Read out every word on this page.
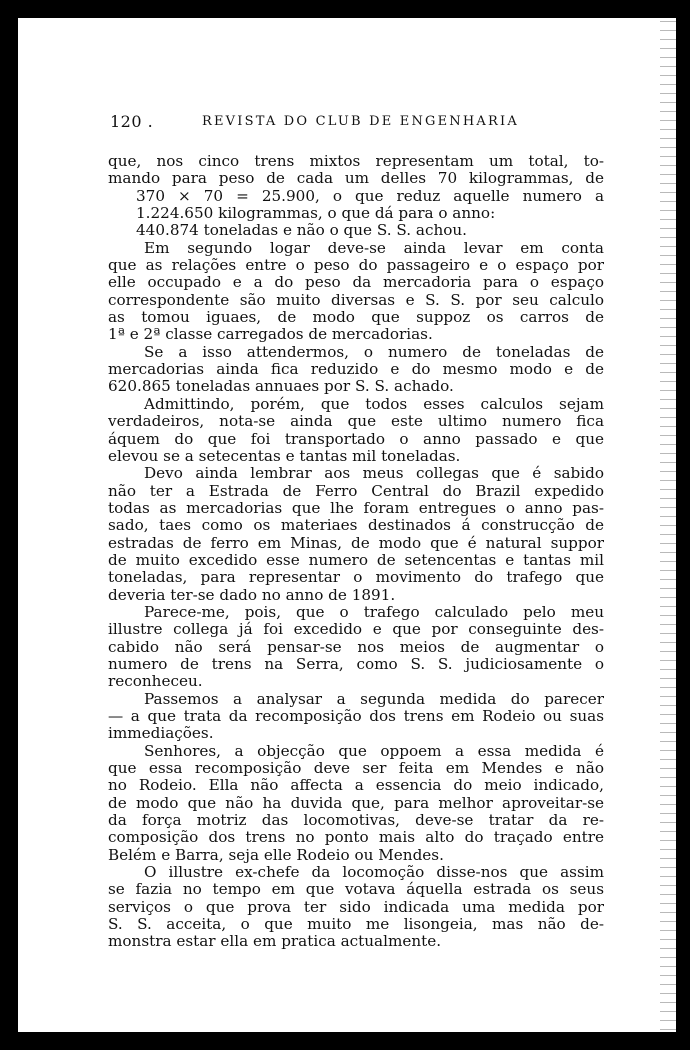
120 .	REVISTA DO CLUB DE ENGENHARIA
que, nos cinco trens mixtos representam um total, to-
mando para peso de cada um delles 70 kilogrammas, de
370 × 70 = 25.900, o que reduz aquelle numero a
1.224.650 kilogrammas, o que dá para o anno:
440.874 toneladas e não o que S. S. achou.
Em segundo logar deve-se ainda levar em conta
que as relações entre o peso do passageiro e o espaço por
elle occupado e a do peso da mercadoria para o espaço
correspondente são muito diversas e S. S. por seu calculo
as tomou iguaes, de modo que suppoz os carros de
1ª e 2ª classe carregados de mercadorias.
Se a isso attendermos, o numero de toneladas de
mercadorias ainda fica reduzido e do mesmo modo e de
620.865 toneladas annuaes por S. S. achado.
Admittindo, porém, que todos esses calculos sejam
verdadeiros, nota-se ainda que este ultimo numero fica
áquem do que foi transportado o anno passado e que
elevou se a setecentas e tantas mil toneladas.
Devo ainda lembrar aos meus collegas que é sabido
não ter a Estrada de Ferro Central do Brazil expedido
todas as mercadorias que lhe foram entregues o anno pas-
sado, taes como os materiaes destinados á construcção de
estradas de ferro em Minas, de modo que é natural suppor
de muito excedido esse numero de setencentas e tantas mil
toneladas, para representar o movimento do trafego que
deveria ter-se dado no anno de 1891.
Parece-me, pois, que o trafego calculado pelo meu
illustre collega já foi excedido e que por conseguinte des-
cabido não será pensar-se nos meios de augmentar o
numero de trens na Serra, como S. S. judiciosamente o
reconheceu.
Passemos a analysar a segunda medida do parecer
— a que trata da recomposição dos trens em Rodeio ou suas
immediações.
Senhores, a objecção que oppoem a essa medida é
que essa recomposição deve ser feita em Mendes e não
no Rodeio. Ella não affecta a essencia do meio indicado,
de modo que não ha duvida que, para melhor aproveitar-se
da força motriz das locomotivas, deve-se tratar da re-
composição dos trens no ponto mais alto do traçado entre
Belém e Barra, seja elle Rodeio ou Mendes.
O illustre ex-chefe da locomoção disse-nos que assim
se fazia no tempo em que votava áquella estrada os seus
serviços o que prova ter sido indicada uma medida por
S. S. acceita, o que muito me lisongeia, mas não de-
monstra estar ella em pratica actualmente.
